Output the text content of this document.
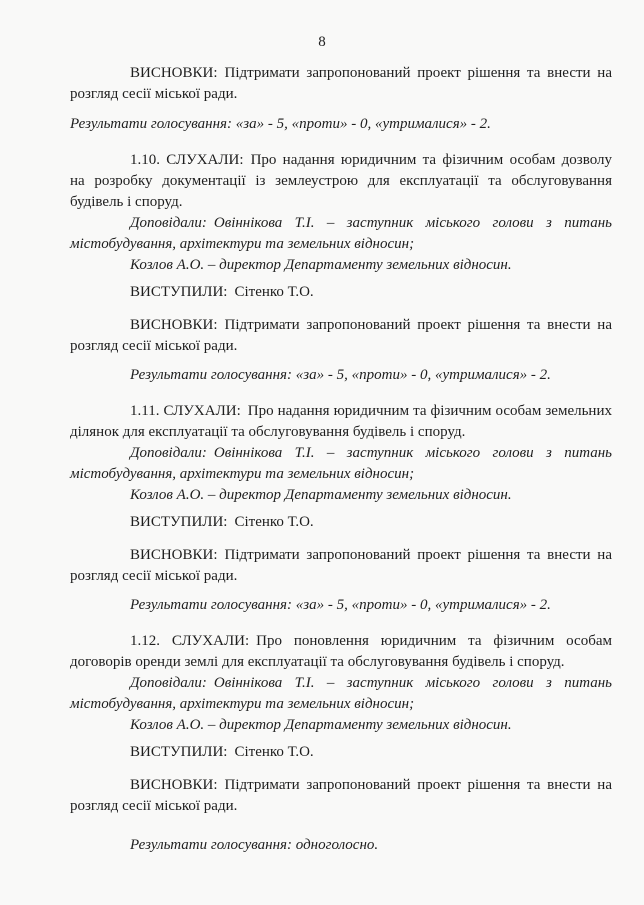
8

ВИСНОВКИ: Підтримати запропонований проект рішення та внести на розгляд сесії міської ради.

Результати голосування: «за» - 5, «проти» - 0, «утрималися» - 2.

1.10. СЛУХАЛИ: Про надання юридичним та фізичним особам дозволу на розробку документації із землеустрою для експлуатації та обслуговування будівель і споруд.

Доповідали: Овіннікова Т.І. – заступник міського голови з питань містобудування, архітектури та земельних відносин;

Козлов А.О. – директор Департаменту земельних відносин.

ВИСТУПИЛИ: Сітенко Т.О.

ВИСНОВКИ: Підтримати запропонований проект рішення та внести на розгляд сесії міської ради.

Результати голосування: «за» - 5, «проти» - 0, «утрималися» - 2.

1.11. СЛУХАЛИ: Про надання юридичним та фізичним особам земельних ділянок для експлуатації та обслуговування будівель і споруд.

Доповідали: Овіннікова Т.І. – заступник міського голови з питань містобудування, архітектури та земельних відносин;

Козлов А.О. – директор Департаменту земельних відносин.

ВИСТУПИЛИ: Сітенко Т.О.

ВИСНОВКИ: Підтримати запропонований проект рішення та внести на розгляд сесії міської ради.

Результати голосування: «за» - 5, «проти» - 0, «утрималися» - 2.

1.12. СЛУХАЛИ: Про поновлення юридичним та фізичним особам договорів оренди землі для експлуатації та обслуговування будівель і споруд.

Доповідали: Овіннікова Т.І. – заступник міського голови з питань містобудування, архітектури та земельних відносин;

Козлов А.О. – директор Департаменту земельних відносин.

ВИСТУПИЛИ: Сітенко Т.О.

ВИСНОВКИ: Підтримати запропонований проект рішення та внести на розгляд сесії міської ради.

Результати голосування: одноголосно.
